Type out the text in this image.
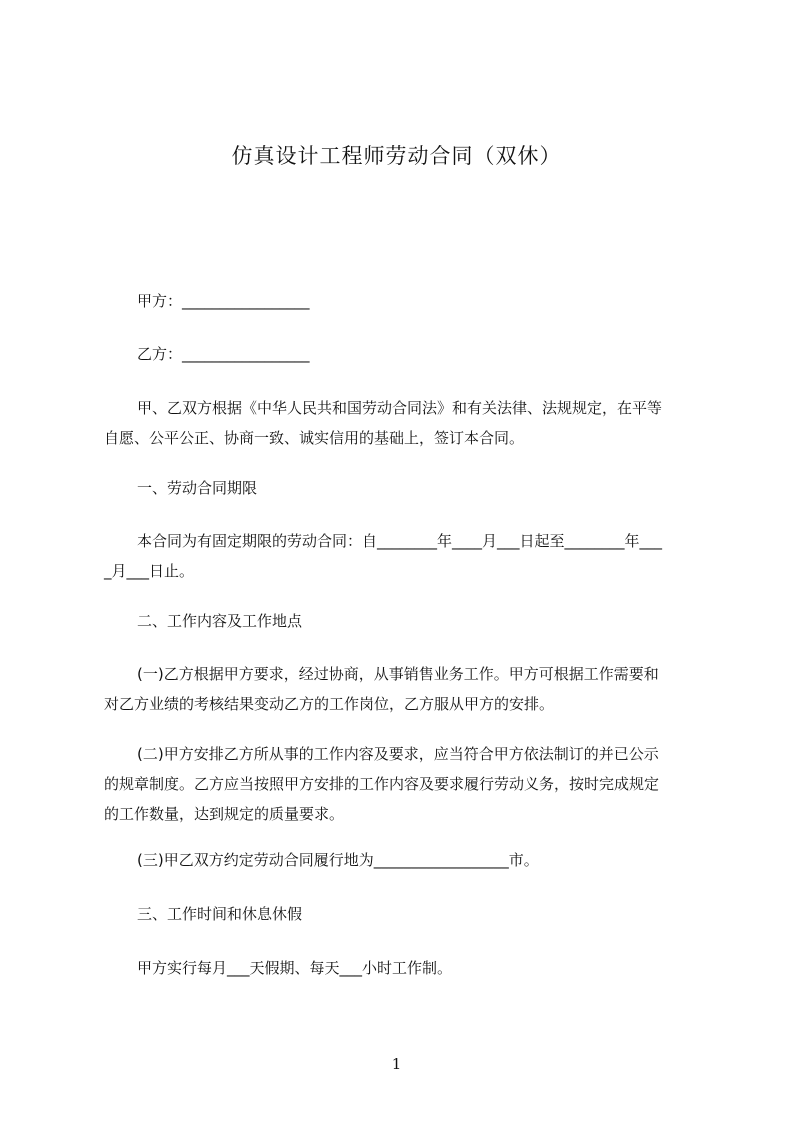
仿真设计工程师劳动合同（双休）
甲方：_________________
乙方：_________________
甲、乙双方根据《中华人民共和国劳动合同法》和有关法律、法规规定，在平等
自愿、公平公正、协商一致、诚实信用的基础上，签订本合同。
一、劳动合同期限
本合同为有固定期限的劳动合同：自________年____月___日起至________年___
_月___日止。
二、工作内容及工作地点
(一)乙方根据甲方要求，经过协商，从事销售业务工作。甲方可根据工作需要和
对乙方业绩的考核结果变动乙方的工作岗位，乙方服从甲方的安排。
(二)甲方安排乙方所从事的工作内容及要求，应当符合甲方依法制订的并已公示
的规章制度。乙方应当按照甲方安排的工作内容及要求履行劳动义务，按时完成规定
的工作数量，达到规定的质量要求。
(三)甲乙双方约定劳动合同履行地为__________________市。
三、工作时间和休息休假
甲方实行每月___天假期、每天___小时工作制。
1
